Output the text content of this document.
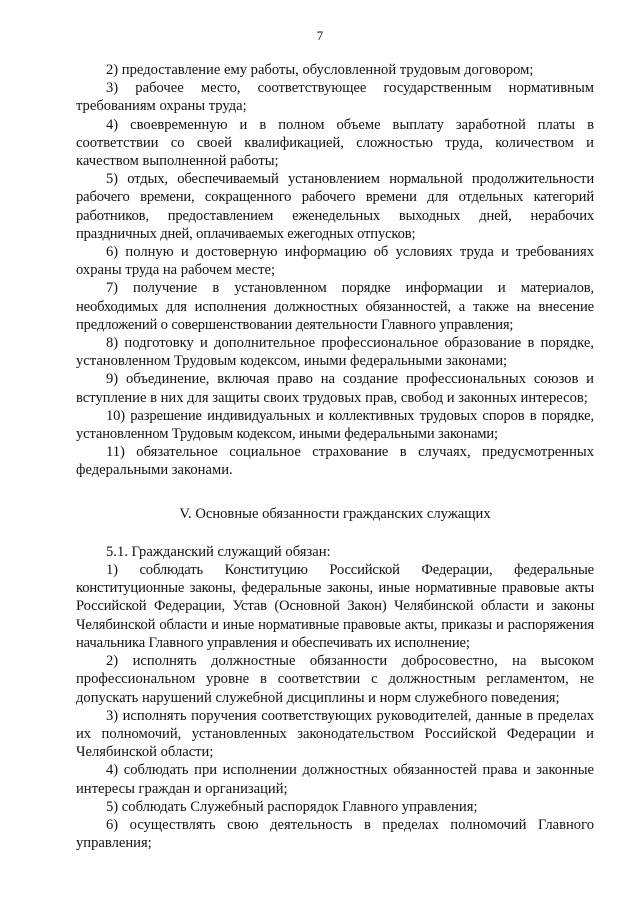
7

2) предоставление ему работы, обусловленной трудовым договором;

3) рабочее место, соответствующее государственным нормативным требованиям охраны труда;

4) своевременную и в полном объеме выплату заработной платы в соответствии со своей квалификацией, сложностью труда, количеством и качеством выполненной работы;

5) отдых, обеспечиваемый установлением нормальной продолжительности рабочего времени, сокращенного рабочего времени для отдельных категорий работников, предоставлением еженедельных выходных дней, нерабочих праздничных дней, оплачиваемых ежегодных отпусков;

6) полную и достоверную информацию об условиях труда и требованиях охраны труда на рабочем месте;

7) получение в установленном порядке информации и материалов, необходимых для исполнения должностных обязанностей, а также на внесение предложений о совершенствовании деятельности Главного управления;

8) подготовку и дополнительное профессиональное образование в порядке, установленном Трудовым кодексом, иными федеральными законами;

9) объединение, включая право на создание профессиональных союзов и вступление в них для защиты своих трудовых прав, свобод и законных интересов;

10) разрешение индивидуальных и коллективных трудовых споров в порядке, установленном Трудовым кодексом, иными федеральными законами;

11) обязательное социальное страхование в случаях, предусмотренных федеральными законами.

V. Основные обязанности гражданских служащих

5.1. Гражданский служащий обязан:

1) соблюдать Конституцию Российской Федерации, федеральные конституционные законы, федеральные законы, иные нормативные правовые акты Российской Федерации, Устав (Основной Закон) Челябинской области и законы Челябинской области и иные нормативные правовые акты, приказы и распоряжения начальника Главного управления и обеспечивать их исполнение;

2) исполнять должностные обязанности добросовестно, на высоком профессиональном уровне в соответствии с должностным регламентом, не допускать нарушений служебной дисциплины и норм служебного поведения;

3) исполнять поручения соответствующих руководителей, данные в пределах их полномочий, установленных законодательством Российской Федерации и Челябинской области;

4) соблюдать при исполнении должностных обязанностей права и законные интересы граждан и организаций;

5) соблюдать Служебный распорядок Главного управления;

6) осуществлять свою деятельность в пределах полномочий Главного управления;
